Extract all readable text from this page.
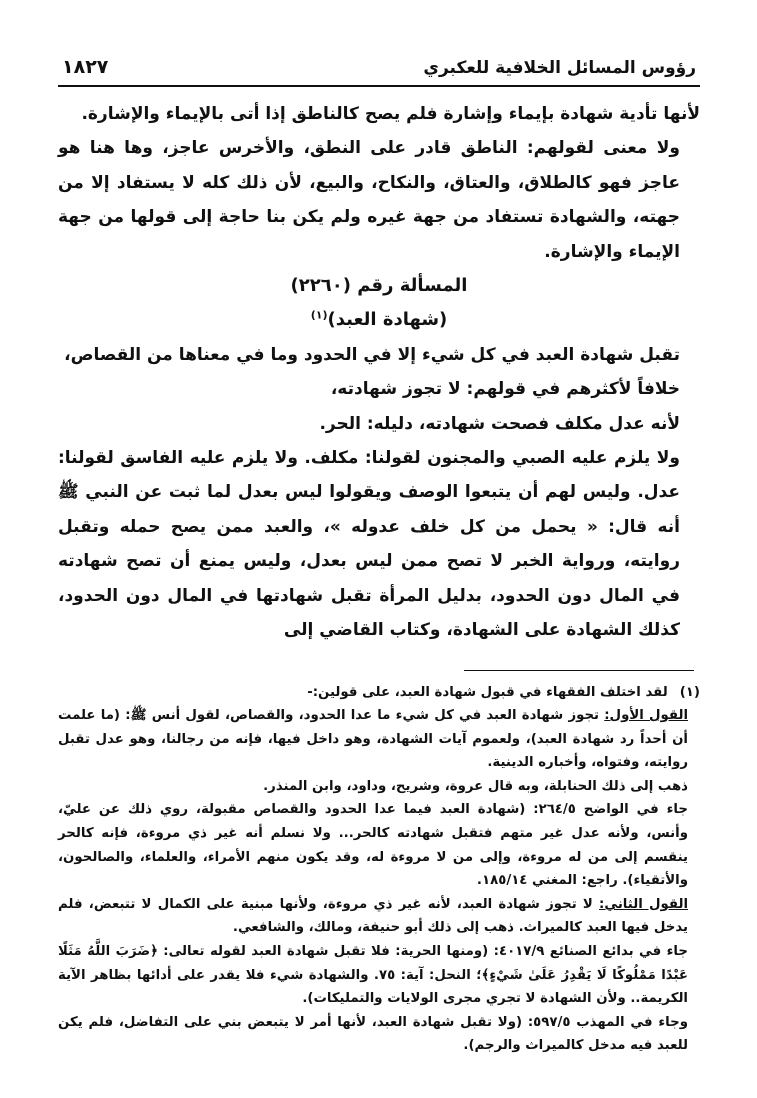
رؤوس المسائل الخلافية للعكبري
١٨٢٧

لأنها تأدية شهادة بإيماء وإشارة فلم يصح كالناطق إذا أتى بالإيماء والإشارة.

ولا معنى لقولهم: الناطق قادر على النطق، والأخرس عاجز، وها هنا هو عاجز فهو كالطلاق، والعتاق، والنكاح، والبيع، لأن ذلك كله لا يستفاد إلا من جهته، والشهادة تستفاد من جهة غيره ولم يكن بنا حاجة إلى قولها من جهة الإيماء والإشارة.

المسألة رقم (٢٢٦٠)

(شهادة العبد)$^{(١)}$

تقبل شهادة العبد في كل شيء إلا في الحدود وما في معناها من القصاص،

خلافاً لأكثرهم في قولهم: لا تجوز شهادته،

لأنه عدل مكلف فصحت شهادته، دليله: الحر.

ولا يلزم عليه الصبي والمجنون لقولنا: مكلف. ولا يلزم عليه الفاسق لقولنا: عدل. وليس لهم أن يتبعوا الوصف ويقولوا ليس بعدل لما ثبت عن النبي ﷺ أنه قال: « يحمل من كل خلف عدوله »، والعبد ممن يصح حمله وتقبل روايته، ورواية الخبر لا تصح ممن ليس بعدل، وليس يمنع أن تصح شهادته في المال دون الحدود، بدليل المرأة تقبل شهادتها في المال دون الحدود، كذلك الشهادة على الشهادة، وكتاب القاضي إلى

(١)لقد اختلف الفقهاء في قبول شهادة العبد، على قولين:-

القول الأول: تجوز شهادة العبد في كل شيء ما عدا الحدود، والقصاص، لقول أنس ﷺ: (ما علمت أن أحداً رد شهادة العبد)، ولعموم آيات الشهادة، وهو داخل فيها، فإنه من رجالنا، وهو عدل تقبل روايته، وفتواه، وأخباره الدينية.

ذهب إلى ذلك الحنابلة، وبه قال عروة، وشريح، وداود، وابن المنذر.

جاء في الواضح ٢٦٤/٥: (شهادة العبد فيما عدا الحدود والقصاص مقبولة، روي ذلك عن عليّ، وأنس، ولأنه عدل غير متهم فتقبل شهادته كالحر... ولا نسلم أنه غير ذي مروءة، فإنه كالحر ينقسم إلى من له مروءة، وإلى من لا مروءة له، وقد يكون منهم الأمراء، والعلماء، والصالحون، والأتقياء). راجع: المغني ١٨٥/١٤.

القول الثاني: لا تجوز شهادة العبد، لأنه غير ذي مروءة، ولأنها مبنية على الكمال لا تتبعض، فلم يدخل فيها العبد كالميراث. ذهب إلى ذلك أبو حنيفة، ومالك، والشافعي.

جاء في بدائع الصنائع ٤٠١٧/٩: (ومنها الحرية: فلا تقبل شهادة العبد لقوله تعالى: ﴿ضَرَبَ اللَّهُ مَثَلًا عَبْدًا مَمْلُوكًا لَا يَقْدِرُ عَلَىٰ شَيْءٍ﴾؛ النحل: آية: ٧٥. والشهادة شيء فلا يقدر على أدائها بظاهر الآية الكريمة.. ولأن الشهادة لا تجري مجرى الولايات والتمليكات).

وجاء في المهذب ٥٩٧/٥: (ولا تقبل شهادة العبد، لأنها أمر لا يتبعض بني على التفاضل، فلم يكن للعبد فيه مدخل كالميراث والرجم).
